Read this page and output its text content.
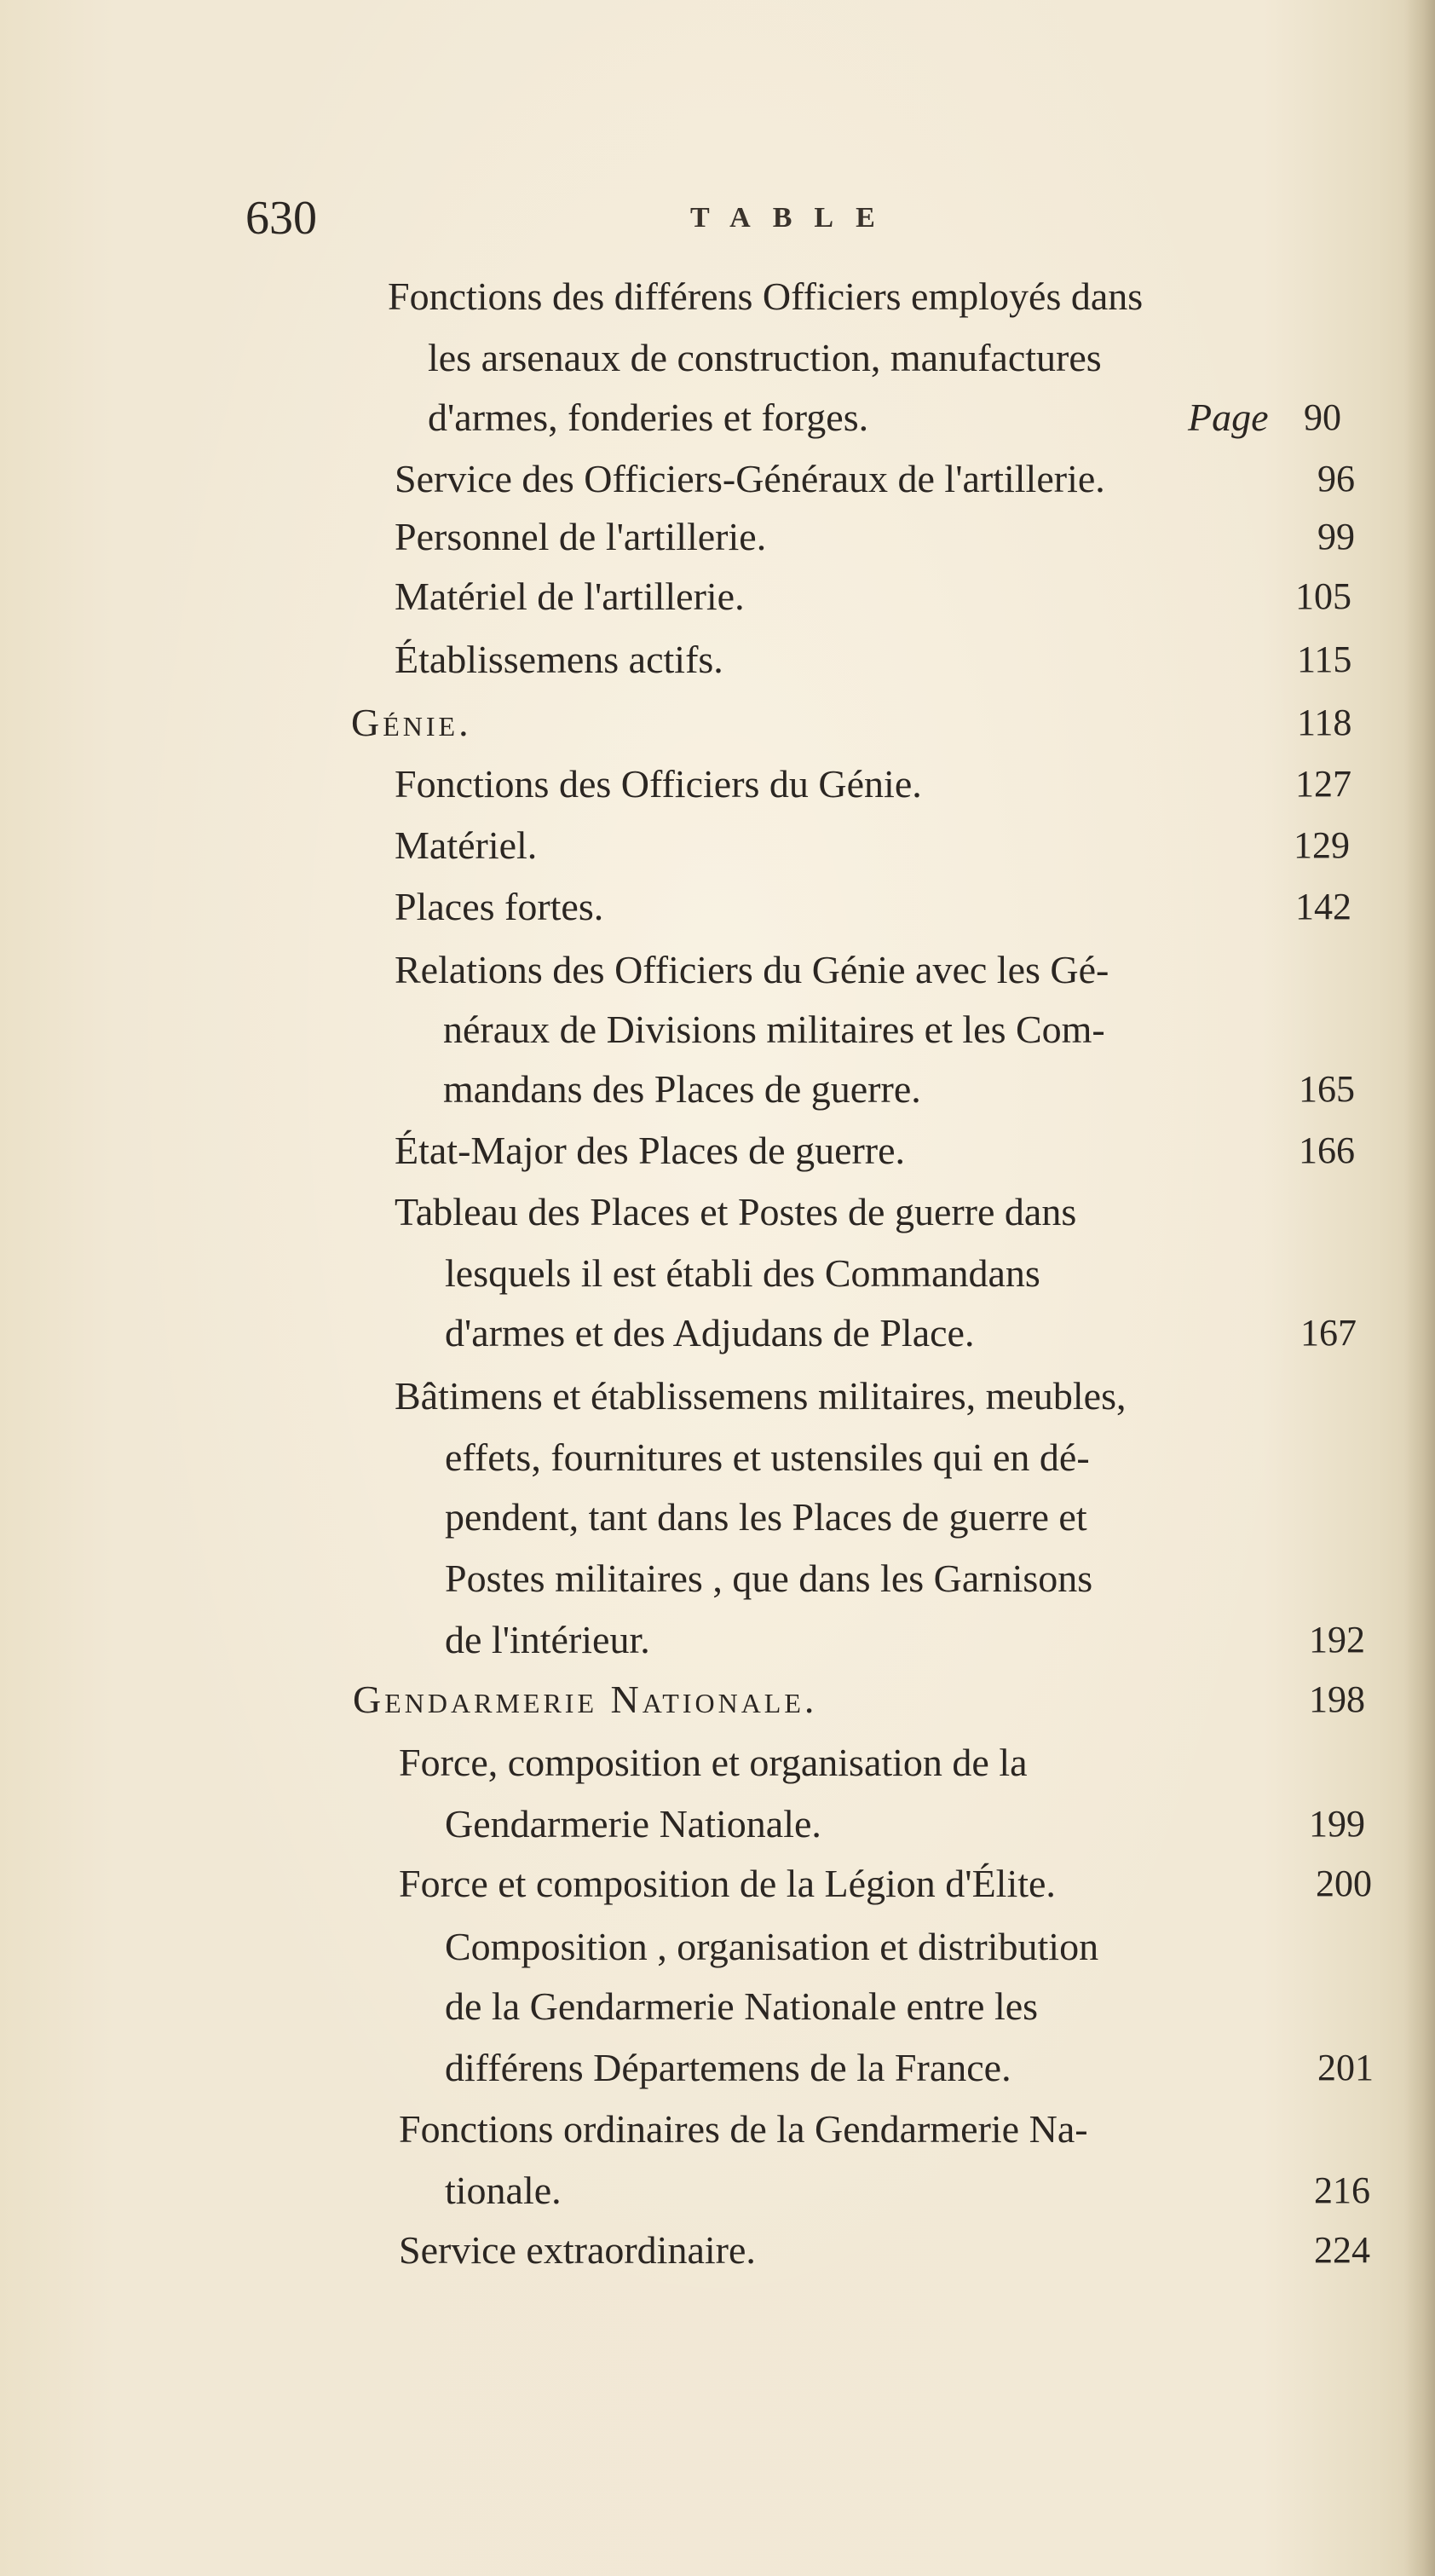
630	TABLE
Fonctions des différens Officiers employés dans
les arsenaux de construction, manufactures
d'armes, fonderies et forges.	Page 90
Service des Officiers-Généraux de l'artillerie.	96
Personnel de l'artillerie.	99
Matériel de l'artillerie.	105
Établissemens actifs.	115
Génie.	118
Fonctions des Officiers du Génie.	127
Matériel.	129
Places fortes.	142
Relations des Officiers du Génie avec les Gé-
néraux de Divisions militaires et les Com-
mandans des Places de guerre.	165
État-Major des Places de guerre.	166
Tableau des Places et Postes de guerre dans
lesquels il est établi des Commandans
d'armes et des Adjudans de Place.	167
Bâtimens et établissemens militaires, meubles,
effets, fournitures et ustensiles qui en dé-
pendent, tant dans les Places de guerre et
Postes militaires , que dans les Garnisons
de l'intérieur.	192
Gendarmerie Nationale.	198
Force, composition et organisation de la
Gendarmerie Nationale.	199
Force et composition de la Légion d'Élite.	200
Composition , organisation et distribution
de la Gendarmerie Nationale entre les
différens Départemens de la France.	201
Fonctions ordinaires de la Gendarmerie Na-
tionale.	216
Service extraordinaire.	224
